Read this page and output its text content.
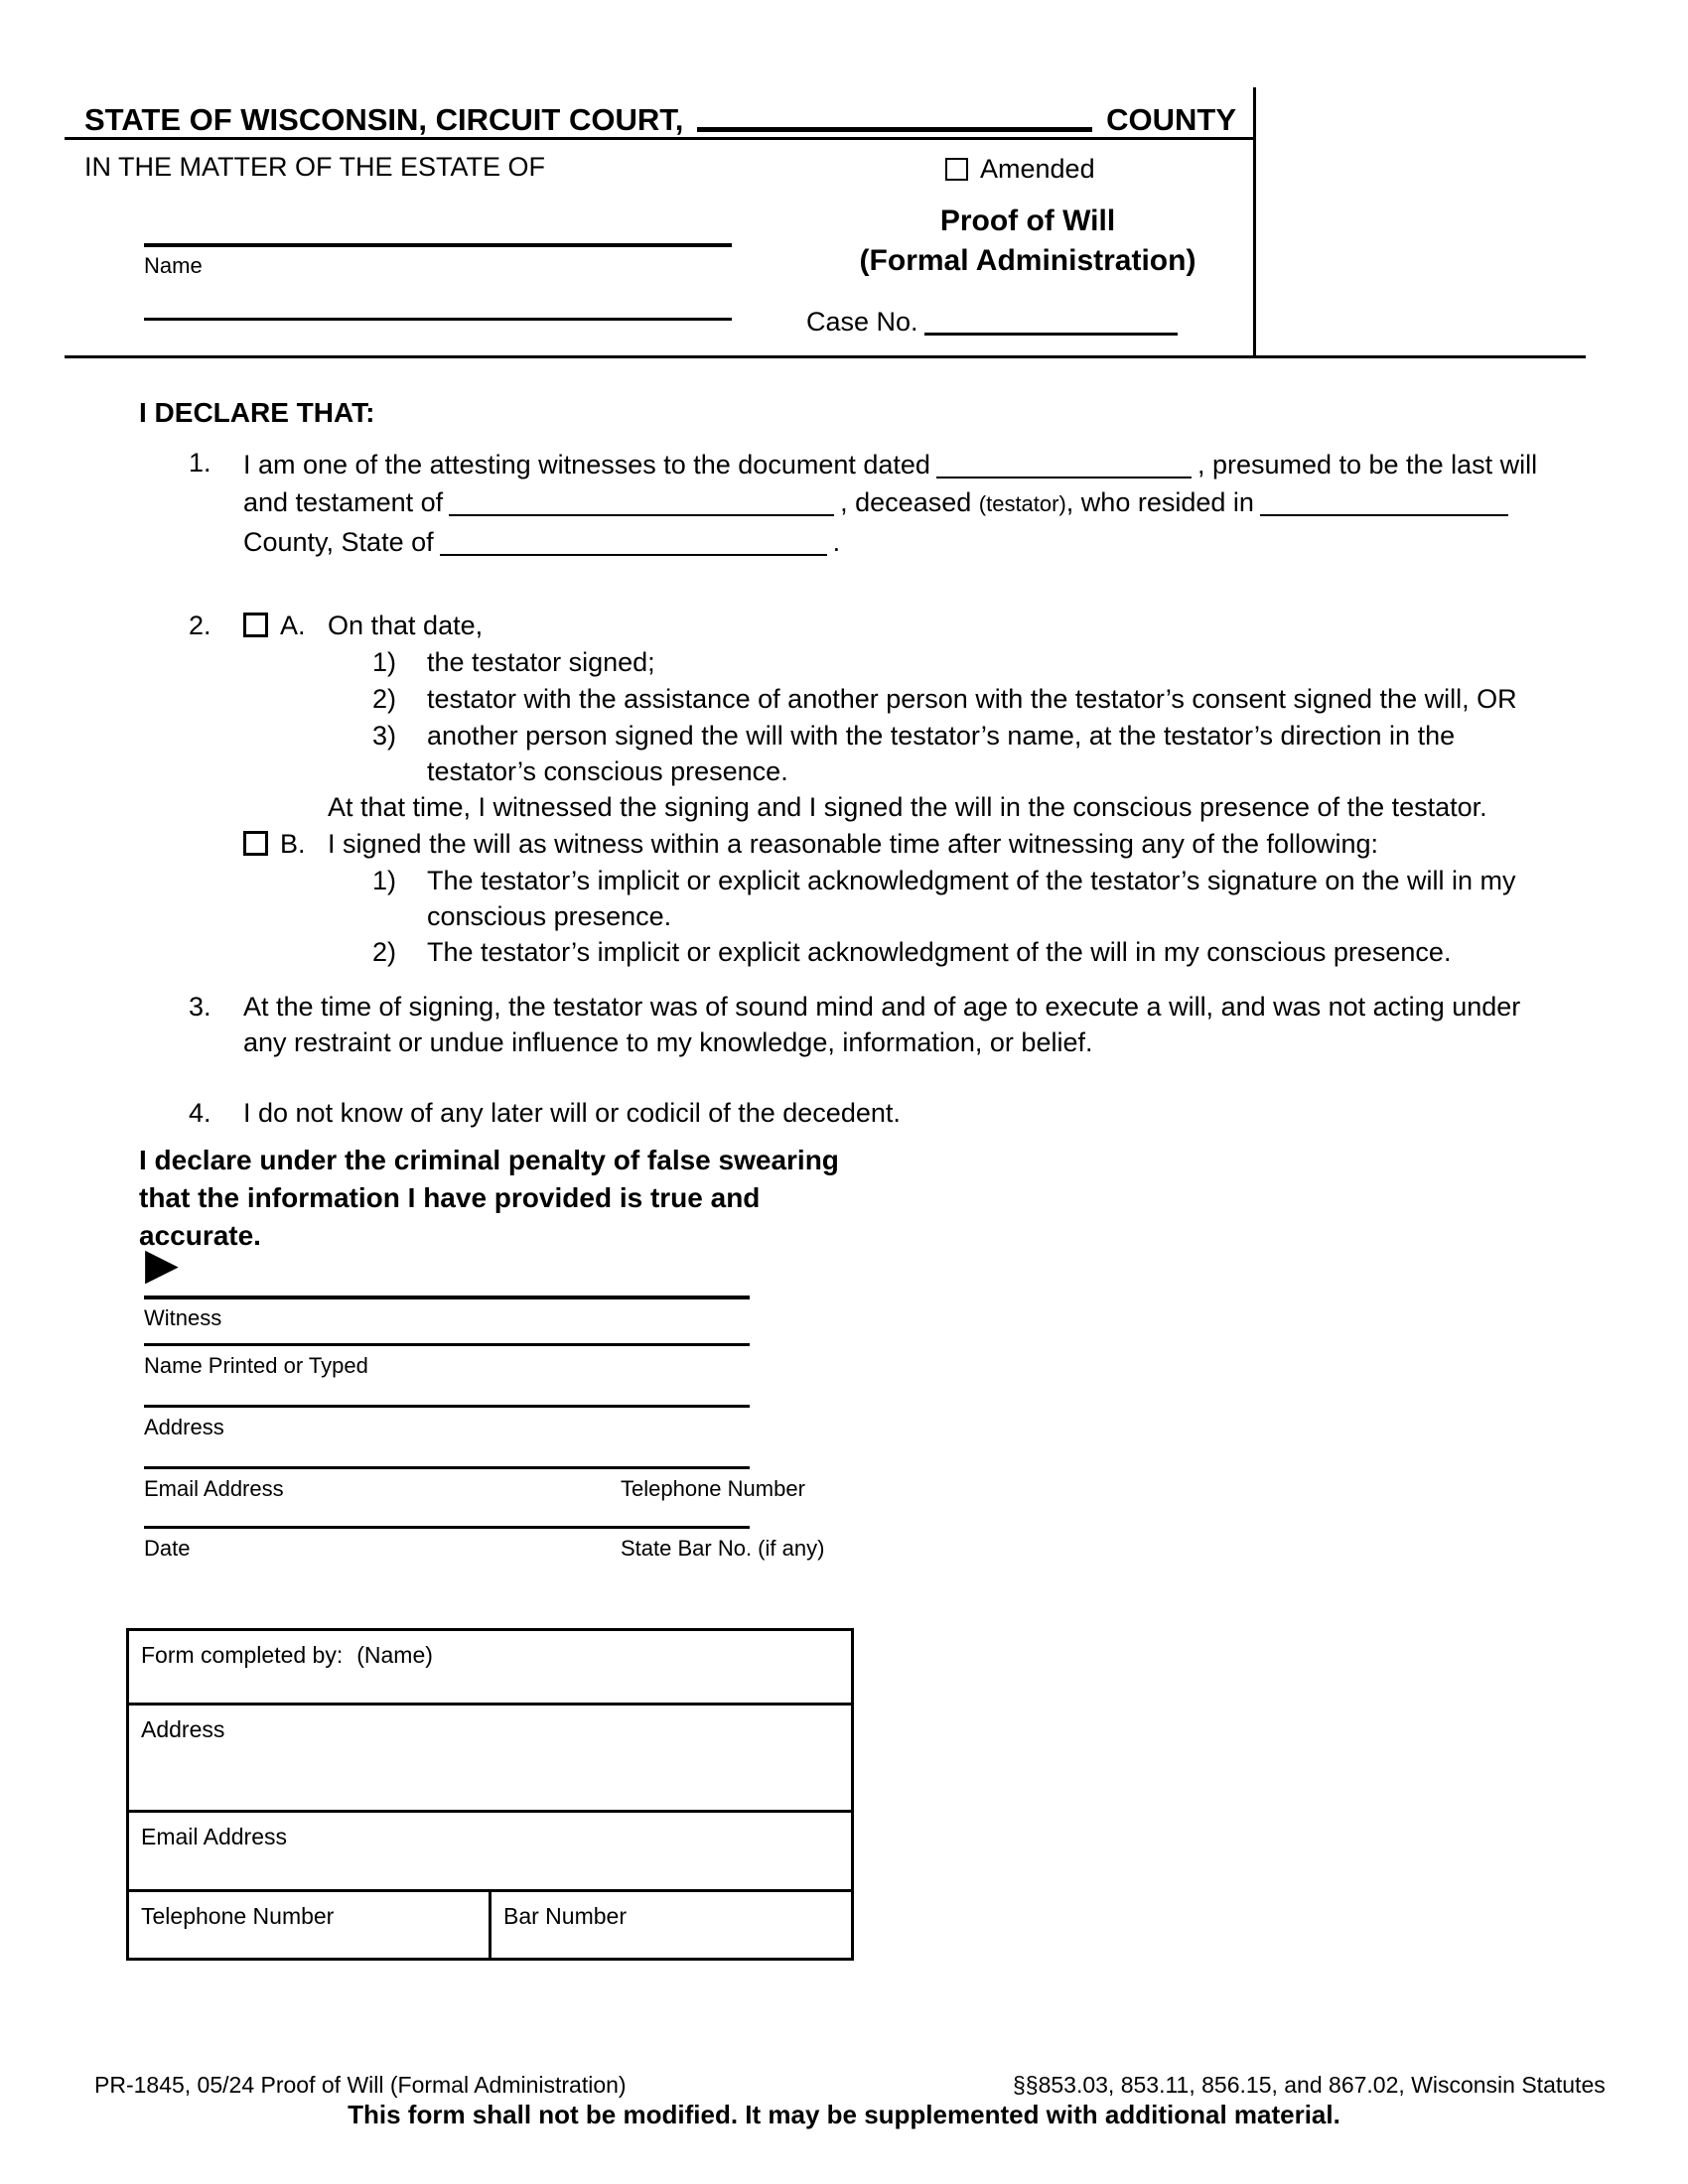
STATE OF WISCONSIN, CIRCUIT COURT,	COUNTY
IN THE MATTER OF THE ESTATE OF	Amended
Proof of Will
(Formal Administration)
Name
Case No.
I DECLARE THAT:
1. I am one of the attesting witnesses to the document dated	, presumed to be the last will
and testament of	, deceased (testator), who resided in
County, State of	.
2.	A. On that date,
1) the testator signed;
2) testator with the assistance of another person with the testator’s consent signed the will, OR
3) another person signed the will with the testator’s name, at the testator’s direction in the testator’s conscious presence.
At that time, I witnessed the signing and I signed the will in the conscious presence of the testator.
B. I signed the will as witness within a reasonable time after witnessing any of the following:
1) The testator’s implicit or explicit acknowledgment of the testator’s signature on the will in my conscious presence.
2) The testator’s implicit or explicit acknowledgment of the will in my conscious presence.
3. At the time of signing, the testator was of sound mind and of age to execute a will, and was not acting under any restraint or undue influence to my knowledge, information, or belief.
4. I do not know of any later will or codicil of the decedent.
I declare under the criminal penalty of false swearing that the information I have provided is true and accurate.
▶
Witness
Name Printed or Typed
Address
Email Address	Telephone Number
Date	State Bar No. (if any)
Form completed by: (Name)
Address
Email Address
Telephone Number	Bar Number
PR-1845, 05/24 Proof of Will (Formal Administration)	§§853.03, 853.11, 856.15, and 867.02, Wisconsin Statutes
This form shall not be modified. It may be supplemented with additional material.
